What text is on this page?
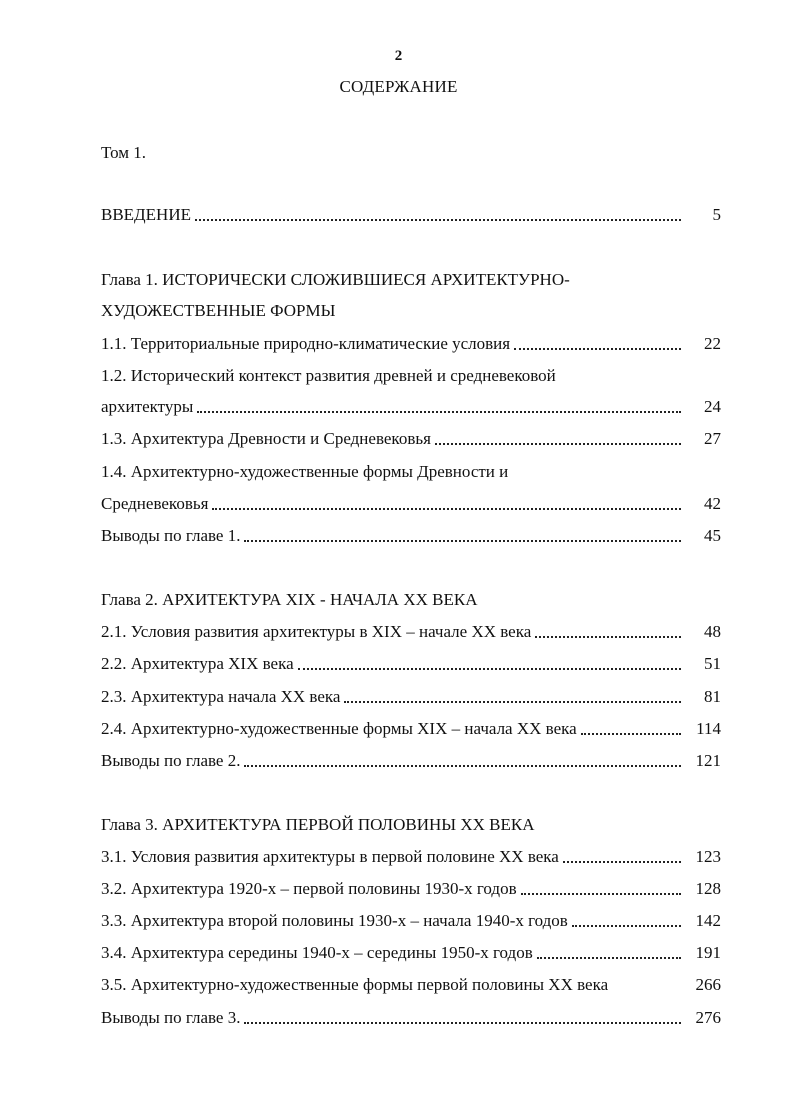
2
СОДЕРЖАНИЕ
Том 1.
ВВЕДЕНИЕ	5
Глава 1. ИСТОРИЧЕСКИ СЛОЖИВШИЕСЯ АРХИТЕКТУРНО-
ХУДОЖЕСТВЕННЫЕ ФОРМЫ
1.1. Территориальные природно-климатические условия	22
1.2. Исторический контекст развития древней и средневековой
архитектуры	24
1.3. Архитектура Древности и Средневековья	27
1.4. Архитектурно-художественные формы Древности и
Средневековья	42
Выводы по главе 1.	45
Глава 2. АРХИТЕКТУРА XIX - НАЧАЛА XX ВЕКА
2.1. Условия развития архитектуры в XIX – начале XX века	48
2.2. Архитектура XIX века	51
2.3. Архитектура начала XX века	81
2.4. Архитектурно-художественные формы XIX – начала XX века	114
Выводы по главе 2.	121
Глава 3. АРХИТЕКТУРА ПЕРВОЙ ПОЛОВИНЫ XX ВЕКА
3.1. Условия развития архитектуры в первой половине XX века	123
3.2. Архитектура 1920-х – первой половины 1930-х годов	128
3.3. Архитектура второй половины 1930-х – начала 1940-х годов	142
3.4. Архитектура середины 1940-х – середины 1950-х годов	191
3.5. Архитектурно-художественные формы первой половины XX века	266
Выводы по главе 3.	276
